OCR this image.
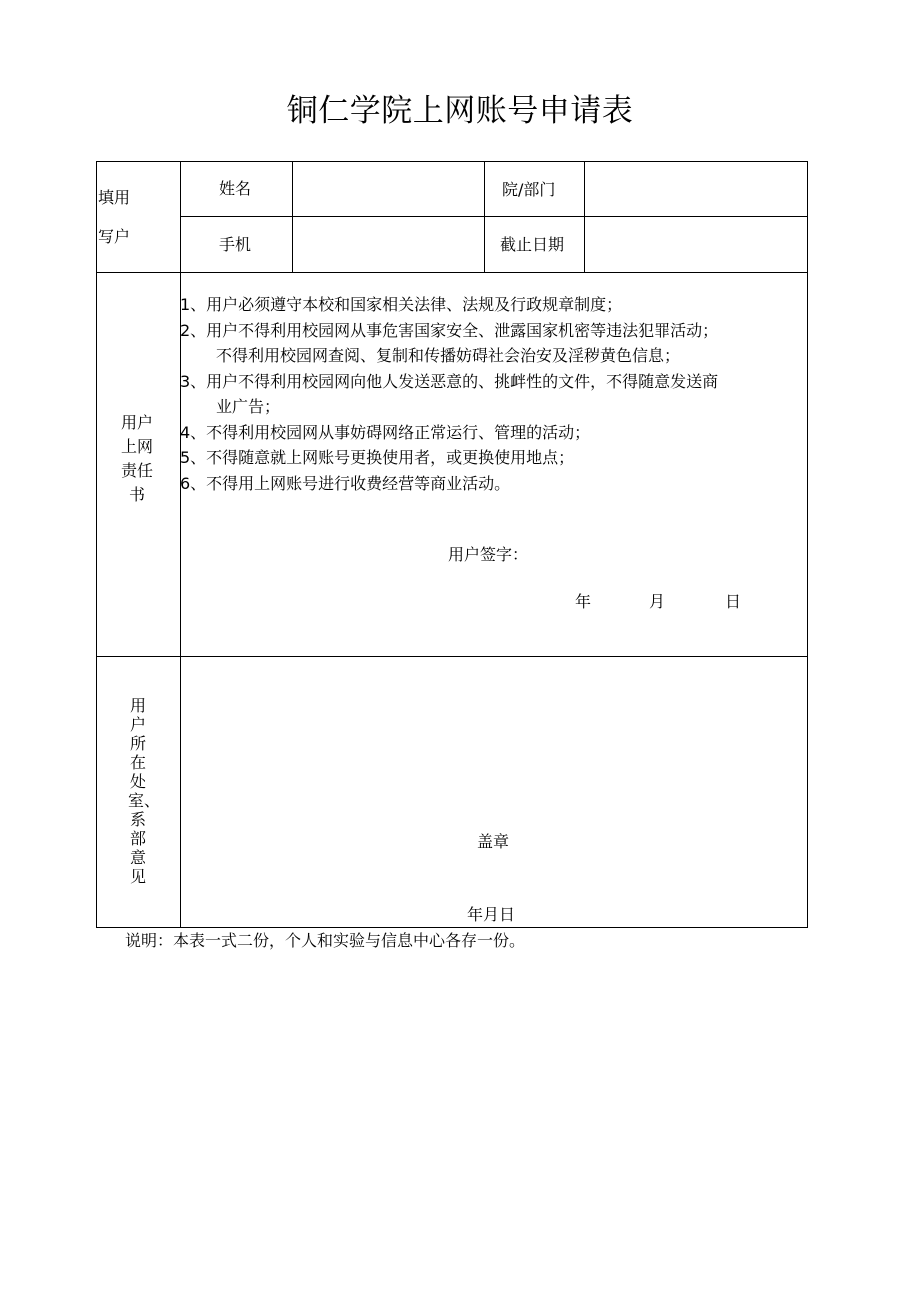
铜仁学院上网账号申请表
填用
写户
姓名	院/部门
手机	截止日期
用户上网责任书
1、用户必须遵守本校和国家相关法律、法规及行政规章制度；
2、用户不得利用校园网从事危害国家安全、泄露国家机密等违法犯罪活动；
不得利用校园网查阅、复制和传播妨碍社会治安及淫秽黄色信息；
3、用户不得利用校园网向他人发送恶意的、挑衅性的文件，不得随意发送商
业广告；
4、不得利用校园网从事妨碍网络正常运行、管理的活动；
5、不得随意就上网账号更换使用者，或更换使用地点；
6、不得用上网账号进行收费经营等商业活动。
用户签字：
年	月	日
用户所在处室、系部意见
盖章
年月日
说明：本表一式二份，个人和实验与信息中心各存一份。
